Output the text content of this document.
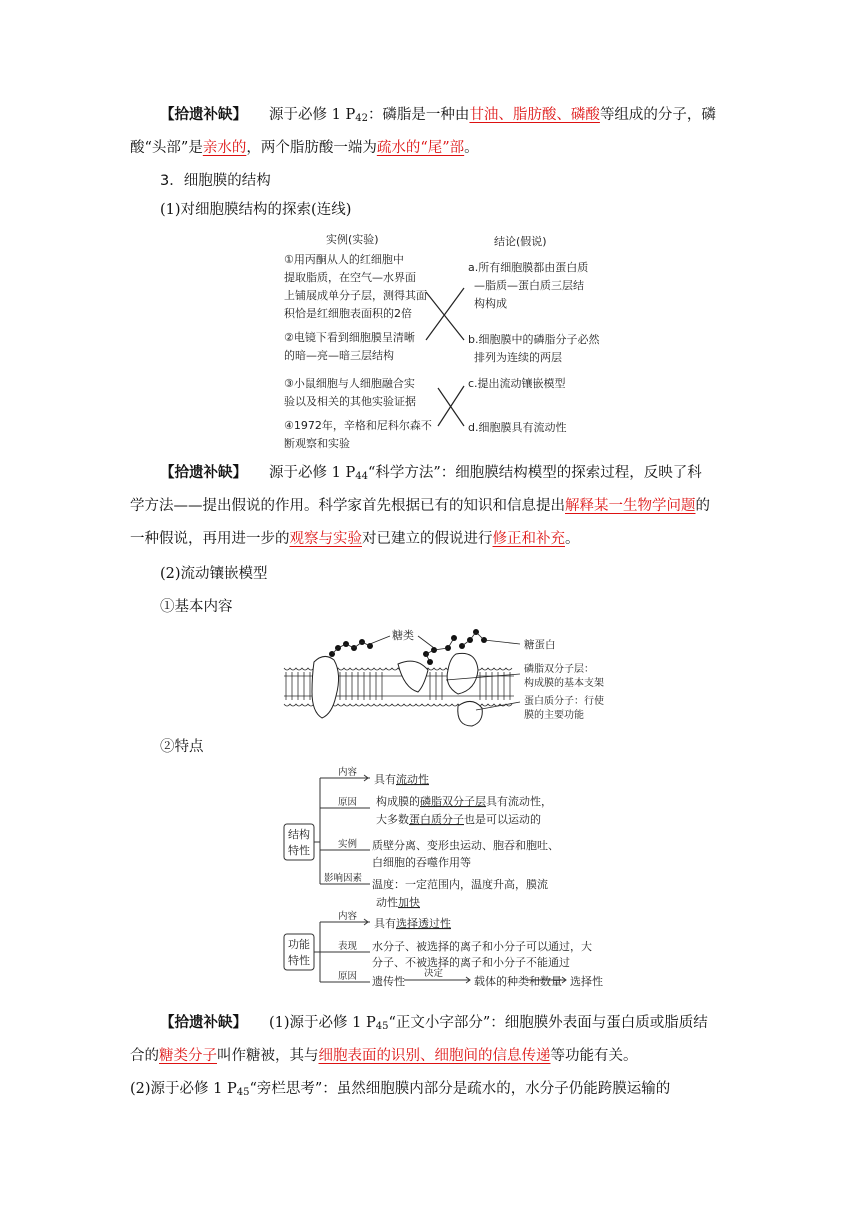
【拾遗补缺】 源于必修 1 $P_{42}$：磷脂是一种由甘油、脂肪酸、磷酸等组成的分子，磷
酸“头部”是亲水的，两个脂肪酸一端为疏水的“尾”部。
3．细胞膜的结构
(1)对细胞膜结构的探索(连线)
实例(实验)	结论(假说)
①用丙酮从人的红细胞中
提取脂质，在空气—水界面
上铺展成单分子层，测得其面
积恰是红细胞表面积的2倍
②电镜下看到细胞膜呈清晰
的暗—亮—暗三层结构
③小鼠细胞与人细胞融合实
验以及相关的其他实验证据
④1972年，辛格和尼科尔森不
断观察和实验
a.所有细胞膜都由蛋白质
—脂质—蛋白质三层结
构构成
b.细胞膜中的磷脂分子必然
排列为连续的两层
c.提出流动镶嵌模型
d.细胞膜具有流动性
【拾遗补缺】 源于必修 1 $P_{44}“$科学方法”：细胞膜结构模型的探索过程，反映了科
学方法——提出假说的作用。科学家首先根据已有的知识和信息提出解释某一生物学问题的
一种假说，再用进一步的观察与实验对已建立的假说进行修正和补充。
(2)流动镶嵌模型
①基本内容
糖类
糖蛋白
磷脂双分子层：
构成膜的基本支架
蛋白质分子：行使
膜的主要功能
②特点
结构
特性
功能
特性
内容
原因
实例
影响因素
具有流动性
构成膜的磷脂双分子层具有流动性，
大多数蛋白质分子也是可以运动的
质壁分离、变形虫运动、胞吞和胞吐、
白细胞的吞噬作用等
温度：一定范围内，温度升高，膜流
动性加快
内容
表现
原因
具有选择透过性
水分子、被选择的离子和小分子可以通过，大
分子、不被选择的离子和小分子不能通过
遗传性
决定
载体的种类和数量 选择性
【拾遗补缺】 (1)源于必修 1 $P_{45}“$正文小字部分”：细胞膜外表面与蛋白质或脂质结
合的糖类分子叫作糖被，其与细胞表面的识别、细胞间的信息传递等功能有关。
(2)源于必修 1 $P_{45}“$旁栏思考”：虽然细胞膜内部分是疏水的，水分子仍能跨膜运输的
